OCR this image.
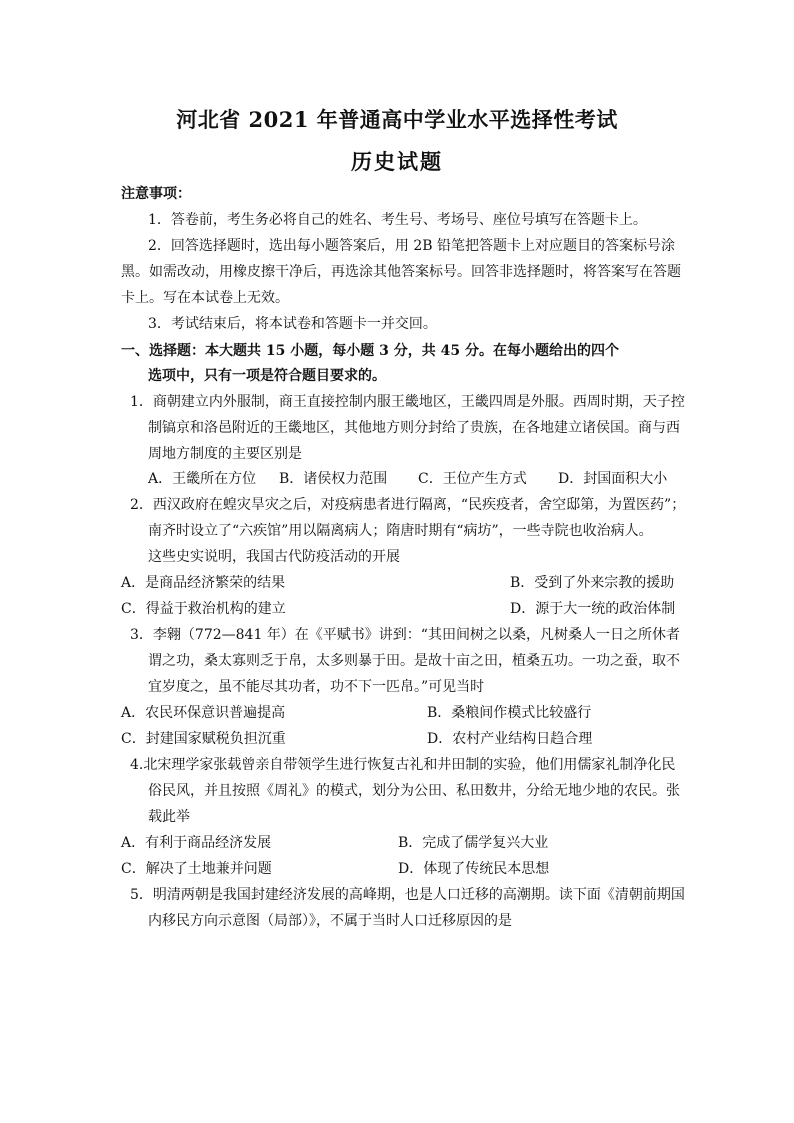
河北省 2021 年普通高中学业水平选择性考试
历史试题
注意事项：
1．答卷前，考生务必将自己的姓名、考生号、考场号、座位号填写在答题卡上。
2．回答选择题时，选出每小题答案后，用 2B 铅笔把答题卡上对应题目的答案标号涂
黑。如需改动，用橡皮擦干净后，再选涂其他答案标号。回答非选择题时，将答案写在答题
卡上。写在本试卷上无效。
3．考试结束后，将本试卷和答题卡一并交回。
一、选择题：本大题共 15 小题，每小题 3 分，共 45 分。在每小题给出的四个
选项中，只有一项是符合题目要求的。
1．商朝建立内外服制，商王直接控制内服王畿地区，王畿四周是外服。西周时期，天子控
制镐京和洛邑附近的王畿地区，其他地方则分封给了贵族，在各地建立诸侯国。商与西
周地方制度的主要区别是
A．王畿所在方位 B．诸侯权力范围 C．王位产生方式 D．封国面积大小
2．西汉政府在蝗灾旱灾之后，对疫病患者进行隔离，“民疾疫者，舍空邸第，为置医药”；
南齐时设立了“六疾馆”用以隔离病人；隋唐时期有“病坊”，一些寺院也收治病人。
这些史实说明，我国古代防疫活动的开展
A．是商品经济繁荣的结果	B．受到了外来宗教的援助
C．得益于救治机构的建立	D．源于大一统的政治体制
3．李翱（772—841 年）在《平赋书》讲到：“其田间树之以桑，凡树桑人一日之所休者
谓之功，桑太寡则乏于帛，太多则暴于田。是故十亩之田，植桑五功。一功之蚕，取不
宜岁度之，虽不能尽其功者，功不下一匹帛。”可见当时
A．农民环保意识普遍提高	B．桑粮间作模式比较盛行
C．封建国家赋税负担沉重	D．农村产业结构日趋合理
4.北宋理学家张载曾亲自带领学生进行恢复古礼和井田制的实验，他们用儒家礼制净化民
俗民风，并且按照《周礼》的模式，划分为公田、私田数井，分给无地少地的农民。张
载此举
A．有利于商品经济发展	B．完成了儒学复兴大业
C．解决了土地兼并问题	D．体现了传统民本思想
5．明清两朝是我国封建经济发展的高峰期，也是人口迁移的高潮期。读下面《清朝前期国
内移民方向示意图（局部）》，不属于当时人口迁移原因的是
